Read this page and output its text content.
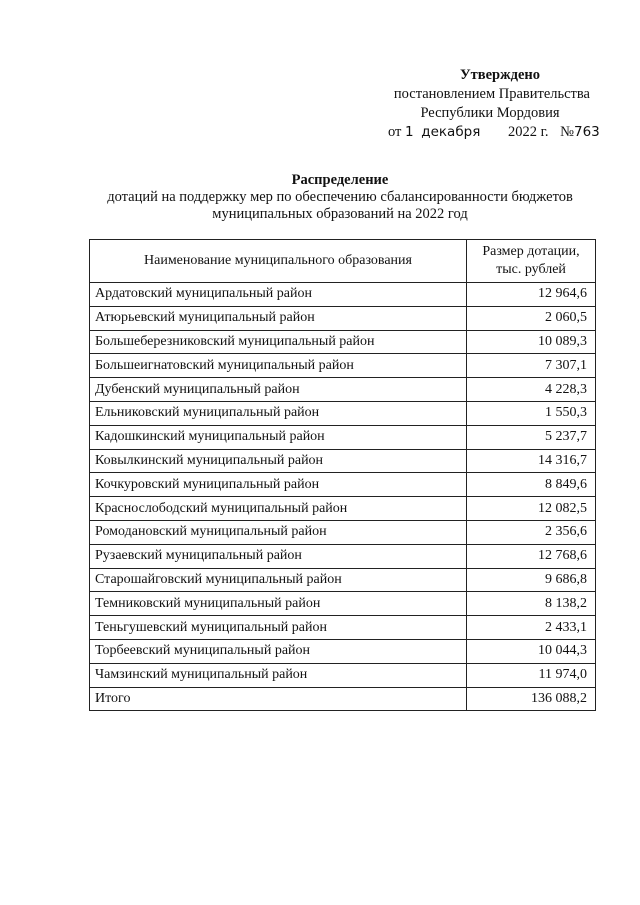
Утверждено
постановлением Правительства
Республики Мордовия
от 1 декабря 2022 г. №763
Распределение
дотаций на поддержку мер по обеспечению сбалансированности бюджетов
муниципальных образований на 2022 год
Наименование муниципального образования	Размер дотации,
тыс. рублей

Ардатовский муниципальный район	12 964,6
Атюрьевский муниципальный район	2 060,5
Большеберезниковский муниципальный район	10 089,3
Большеигнатовский муниципальный район	7 307,1
Дубенский муниципальный район	4 228,3
Ельниковский муниципальный район	1 550,3
Кадошкинский муниципальный район	5 237,7
Ковылкинский муниципальный район	14 316,7
Кочкуровский муниципальный район	8 849,6
Краснослободский муниципальный район	12 082,5
Ромодановский муниципальный район	2 356,6
Рузаевский муниципальный район	12 768,6
Старошайговский муниципальный район	9 686,8
Темниковский муниципальный район	8 138,2
Теньгушевский муниципальный район	2 433,1
Торбеевский муниципальный район	10 044,3
Чамзинский муниципальный район	11 974,0
Итого	136 088,2
